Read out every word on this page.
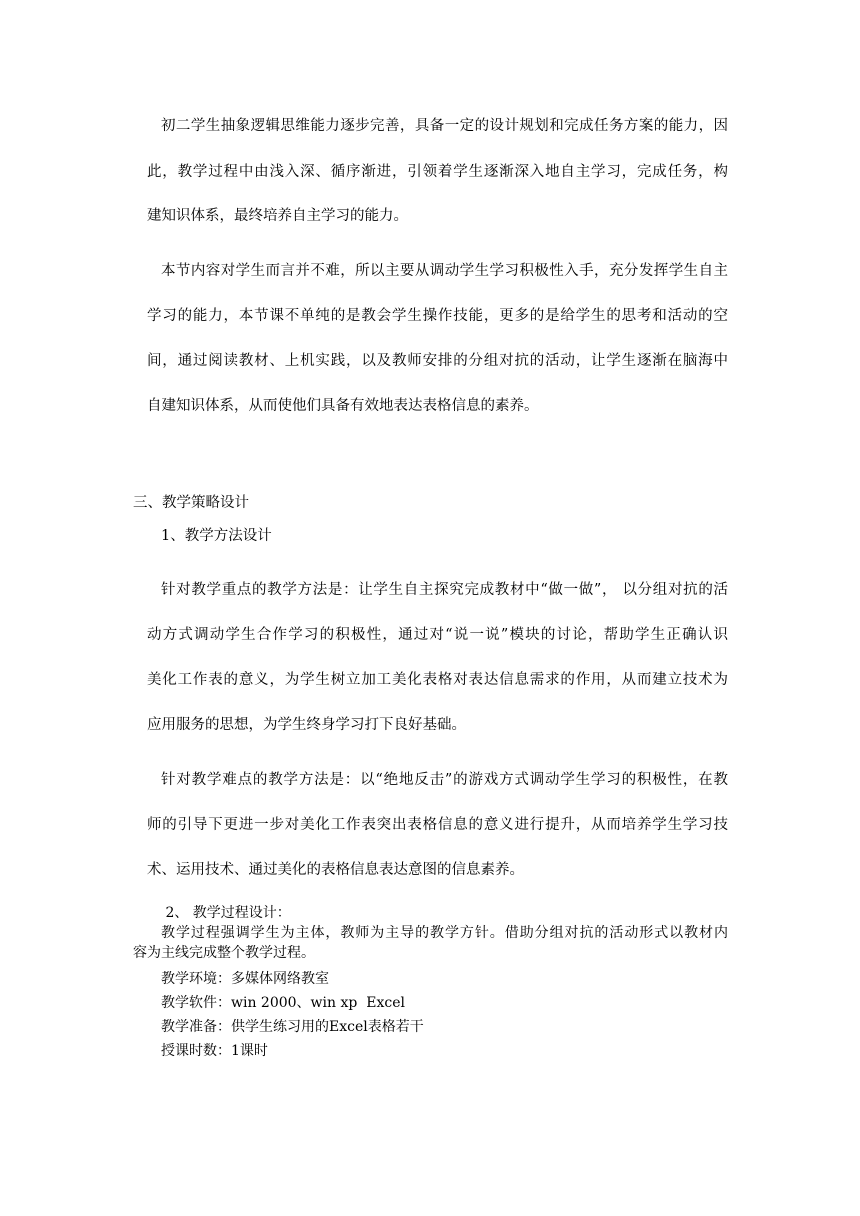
初二学生抽象逻辑思维能力逐步完善，具备一定的设计规划和完成任务方案的能力，因
此，教学过程中由浅入深、循序渐进，引领着学生逐渐深入地自主学习，完成任务，构
建知识体系，最终培养自主学习的能力。
本节内容对学生而言并不难，所以主要从调动学生学习积极性入手，充分发挥学生自主
学习的能力，本节课不单纯的是教会学生操作技能，更多的是给学生的思考和活动的空
间，通过阅读教材、上机实践，以及教师安排的分组对抗的活动，让学生逐渐在脑海中
自建知识体系，从而使他们具备有效地表达表格信息的素养。
三、教学策略设计
1、教学方法设计
针对教学重点的教学方法是：让学生自主探究完成教材中“做一做”， 以分组对抗的活
动方式调动学生合作学习的积极性，通过对“说一说”模块的讨论，帮助学生正确认识
美化工作表的意义，为学生树立加工美化表格对表达信息需求的作用，从而建立技术为
应用服务的思想，为学生终身学习打下良好基础。
针对教学难点的教学方法是：以“绝地反击”的游戏方式调动学生学习的积极性，在教
师的引导下更进一步对美化工作表突出表格信息的意义进行提升，从而培养学生学习技
术、运用技术、通过美化的表格信息表达意图的信息素养。
2、 教学过程设计：
教学过程强调学生为主体，教师为主导的教学方针。借助分组对抗的活动形式以教材内
容为主线完成整个教学过程。
教学环境：多媒体网络教室
教学软件：win 2000、win xp  Excel
教学准备：供学生练习用的Excel表格若干
授课时数：1课时
